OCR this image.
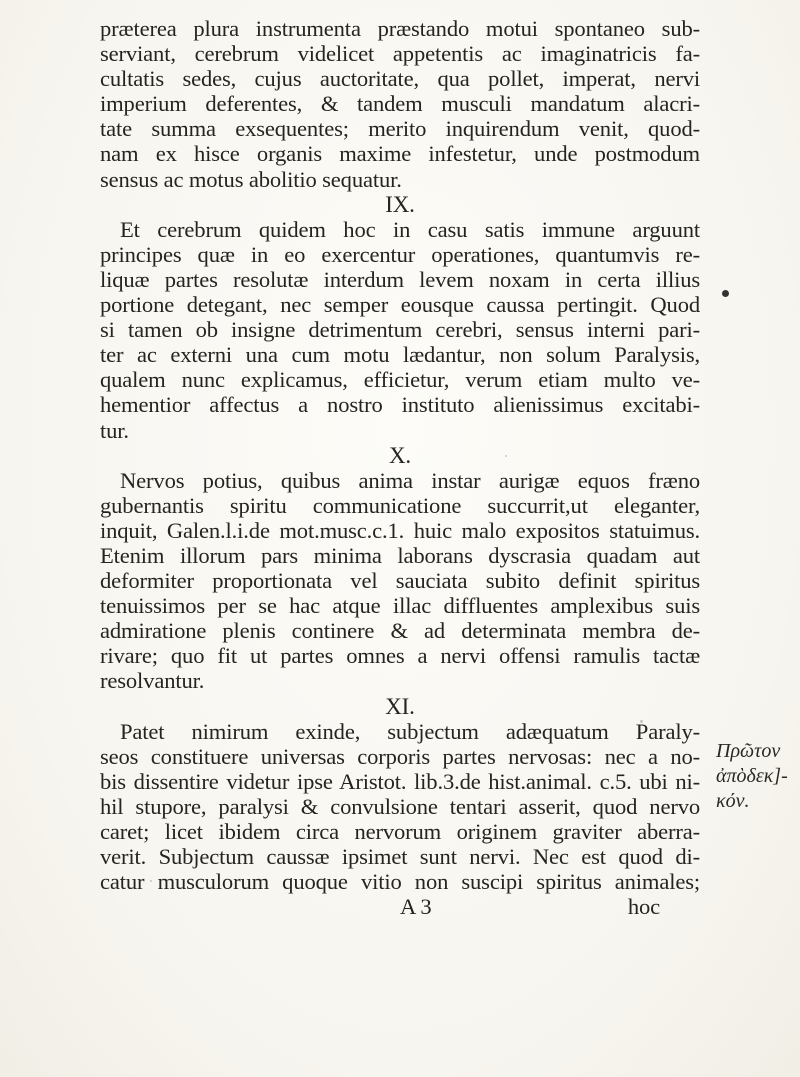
præterea plura instrumenta præstando motui spontaneo sub-
serviant, cerebrum videlicet appetentis ac imaginatricis fa-
cultatis sedes, cujus auctoritate, qua pollet, imperat, nervi
imperium deferentes, & tandem musculi mandatum alacri-
tate summa exsequentes; merito inquirendum venit, quod-
nam ex hisce organis maxime infestetur, unde postmodum
sensus ac motus abolitio sequatur.
IX.
Et cerebrum quidem hoc in casu satis immune arguunt
principes quæ in eo exercentur operationes, quantumvis re-
liquæ partes resolutæ interdum levem noxam in certa illius
portione detegant, nec semper eousque caussa pertingit. Quod
si tamen ob insigne detrimentum cerebri, sensus interni pari-
ter ac externi una cum motu lædantur, non solum Paralysis,
qualem nunc explicamus, efficietur, verum etiam multo ve-
hementior affectus a nostro instituto alienissimus excitabi-
tur.
X.
Nervos potius, quibus anima instar aurigæ equos fræno
gubernantis spiritu communicatione succurrit,ut eleganter,
inquit, Galen.l.i.de mot.musc.c.1. huic malo expositos statuimus.
Etenim illorum pars minima laborans dyscrasia quadam aut
deformiter proportionata vel sauciata subito definit spiritus
tenuissimos per se hac atque illac diffluentes amplexibus suis
admiratione plenis continere & ad determinata membra de-
rivare; quo fit ut partes omnes a nervi offensi ramulis tactæ
resolvantur.
XI.
Patet nimirum exinde, subjectum adæquatum Paraly-
seos constituere universas corporis partes nervosas: nec a no-
bis dissentire videtur ipse Aristot. lib.3.de hist.animal. c.5. ubi ni-
hil stupore, paralysi & convulsione tentari asserit, quod nervo
caret; licet ibidem circa nervorum originem graviter aberra-
verit. Subjectum caussæ ipsimet sunt nervi. Nec est quod di-
catur musculorum quoque vitio non suscipi spiritus animales;
A 3	hoc
Πρῶτον
ἀπὸδεκ]-
κόν.
